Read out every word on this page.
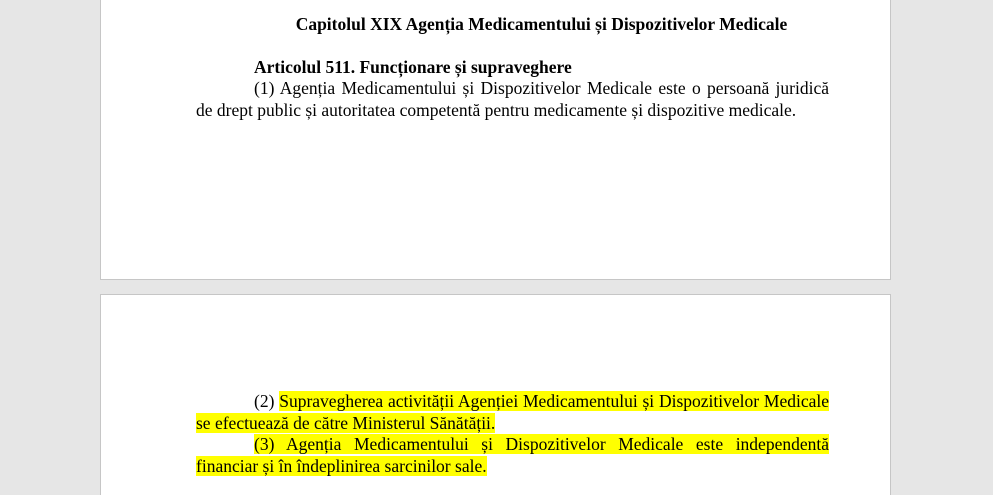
Capitolul XIX Agenția Medicamentului și Dispozitivelor Medicale

Articolul 511. Funcționare și supraveghere

(1) Agenția Medicamentului și Dispozitivelor Medicale este o persoană juridică de drept public și autoritatea competentă pentru medicamente și dispozitive medicale.

(2) Supravegherea activității Agenției Medicamentului și Dispozitivelor Medicale se efectuează de către Ministerul Sănătății.

(3) Agenția Medicamentului și Dispozitivelor Medicale este independentă financiar și în îndeplinirea sarcinilor sale.
